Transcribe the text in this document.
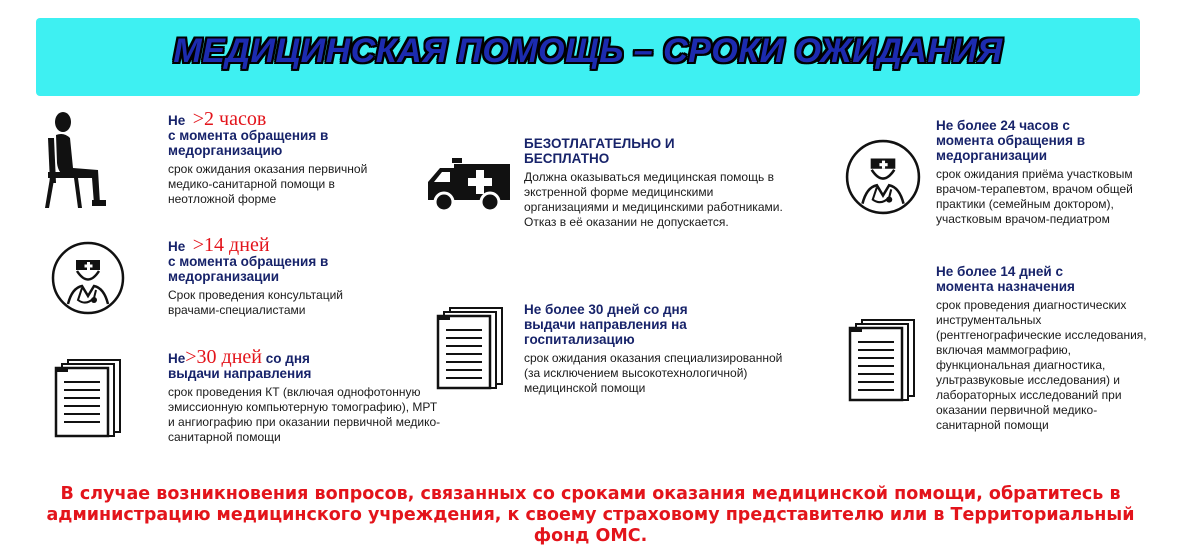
МЕДИЦИНСКАЯ ПОМОЩЬ – СРОКИ ОЖИДАНИЯ
Не >2 часов
с момента обращения в медорганизацию
срок ожидания оказания первичной медико-санитарной помощи в неотложной форме
Не >14 дней
с момента обращения в медорганизации
Срок проведения консультаций врачами-специалистами
Не>30 дней со дня
выдачи направления
срок проведения КТ (включая однофотонную эмиссионную компьютерную томографию), МРТ и ангиографию при оказании первичной медико-санитарной помощи
БЕЗОТЛАГАТЕЛЬНО И БЕСПЛАТНО
Должна оказываться медицинская помощь в экстренной форме медицинскими организациями и медицинскими работниками. Отказ в её оказании не допускается.
Не более 30 дней со дня выдачи направления на госпитализацию
срок ожидания оказания специализированной (за исключением высокотехнологичной) медицинской помощи
Не более 24 часов с момента обращения в медорганизации
срок ожидания приёма участковым врачом-терапевтом, врачом общей практики (семейным доктором), участковым врачом-педиатром
Не более 14 дней с момента назначения
срок проведения диагностических инструментальных (рентгенографические исследования, включая маммографию, функциональная диагностика, ультразвуковые исследования) и лабораторных исследований при оказании первичной медико-санитарной помощи
В случае возникновения вопросов, связанных со сроками оказания медицинской помощи, обратитесь в администрацию медицинского учреждения, к своему страховому представителю или в Территориальный фонд ОМС.
